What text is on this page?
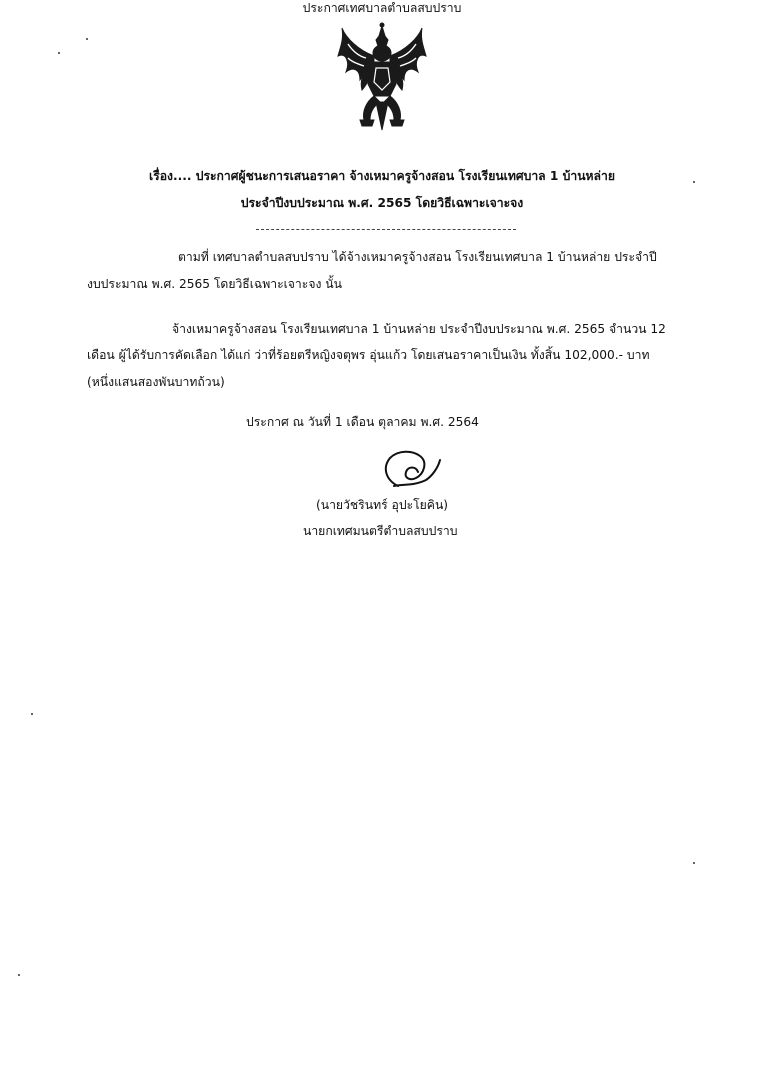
ประกาศเทศบาลตำบลสบปราบ
เรื่อง.... ประกาศผู้ชนะการเสนอราคา จ้างเหมาครูจ้างสอน โรงเรียนเทศบาล 1 บ้านหล่าย
ประจำปีงบประมาณ พ.ศ. 2565 โดยวิธีเฉพาะเจาะจง
ตามที่ เทศบาลตำบลสบปราบ ได้จ้างเหมาครูจ้างสอน โรงเรียนเทศบาล 1 บ้านหล่าย ประจำปี
งบประมาณ พ.ศ. 2565 โดยวิธีเฉพาะเจาะจง นั้น
จ้างเหมาครูจ้างสอน โรงเรียนเทศบาล 1 บ้านหล่าย ประจำปีงบประมาณ พ.ศ. 2565 จำนวน 12
เดือน ผู้ได้รับการคัดเลือก ได้แก่ ว่าที่ร้อยตรีหญิงจตุพร อุ่นแก้ว โดยเสนอราคาเป็นเงิน ทั้งสิ้น 102,000.- บาท
(หนึ่งแสนสองพันบาทถ้วน)
ประกาศ ณ วันที่ 1 เดือน ตุลาคม พ.ศ. 2564
(นายวัชรินทร์ อุปะโยคิน)
นายกเทศมนตรีตำบลสบปราบ
